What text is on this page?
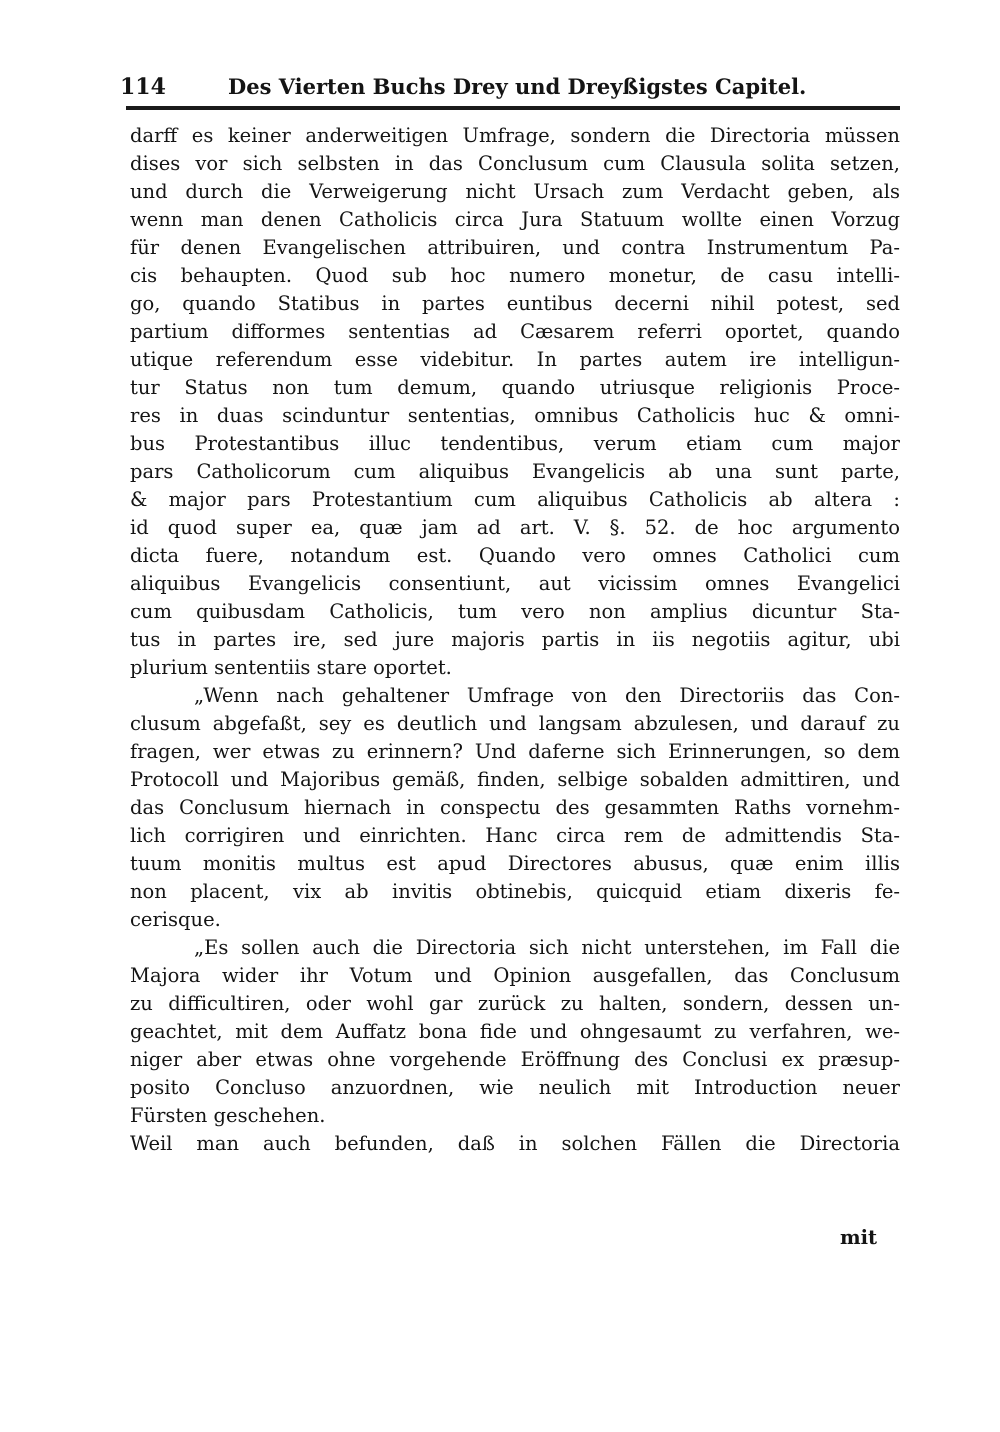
114	Des Vierten Buchs Drey und Dreyßigstes Capitel.
darff es keiner anderweitigen Umfrage, sondern die Directoria müssen
dises vor sich selbsten in das Conclusum cum Clausula solita setzen,
und durch die Verweigerung nicht Ursach zum Verdacht geben, als
wenn man denen Catholicis circa Jura Statuum wollte einen Vorzug
für denen Evangelischen attribuiren, und contra Instrumentum Pa-
cis behaupten. Quod sub hoc numero monetur, de casu intelli-
go, quando Statibus in partes euntibus decerni nihil potest, sed
partium difformes sententias ad Cæsarem referri oportet, quando
utique referendum esse videbitur. In partes autem ire intelligun-
tur Status non tum demum, quando utriusque religionis Proce-
res in duas scinduntur sententias, omnibus Catholicis huc & omni-
bus Protestantibus illuc tendentibus, verum etiam cum major
pars Catholicorum cum aliquibus Evangelicis ab una sunt parte,
& major pars Protestantium cum aliquibus Catholicis ab altera :
id quod super ea, quæ jam ad art. V. §. 52. de hoc argumento
dicta fuere, notandum est. Quando vero omnes Catholici cum
aliquibus Evangelicis consentiunt, aut vicissim omnes Evangelici
cum quibusdam Catholicis, tum vero non amplius dicuntur Sta-
tus in partes ire, sed jure majoris partis in iis negotiis agitur, ubi
plurium sententiis stare oportet.
„Wenn nach gehaltener Umfrage von den Directoriis das Con-
clusum abgefaßt, sey es deutlich und langsam abzulesen, und darauf zu
fragen, wer etwas zu erinnern? Und daferne sich Erinnerungen, so dem
Protocoll und Majoribus gemäß, finden, selbige sobalden admittiren, und
das Conclusum hiernach in conspectu des gesammten Raths vornehm-
lich corrigiren und einrichten. Hanc circa rem de admittendis Sta-
tuum monitis multus est apud Directores abusus, quæ enim illis
non placent, vix ab invitis obtinebis, quicquid etiam dixeris fe-
cerisque.
„Es sollen auch die Directoria sich nicht unterstehen, im Fall die
Majora wider ihr Votum und Opinion ausgefallen, das Conclusum
zu difficultiren, oder wohl gar zurück zu halten, sondern, dessen un-
geachtet, mit dem Auffatz bona fide und ohngesaumt zu verfahren, we-
niger aber etwas ohne vorgehende Eröffnung des Conclusi ex præsup-
posito Concluso anzuordnen, wie neulich mit Introduction neuer
Fürsten geschehen.
Weil man auch befunden, daß in solchen Fällen die Directoria
mit
